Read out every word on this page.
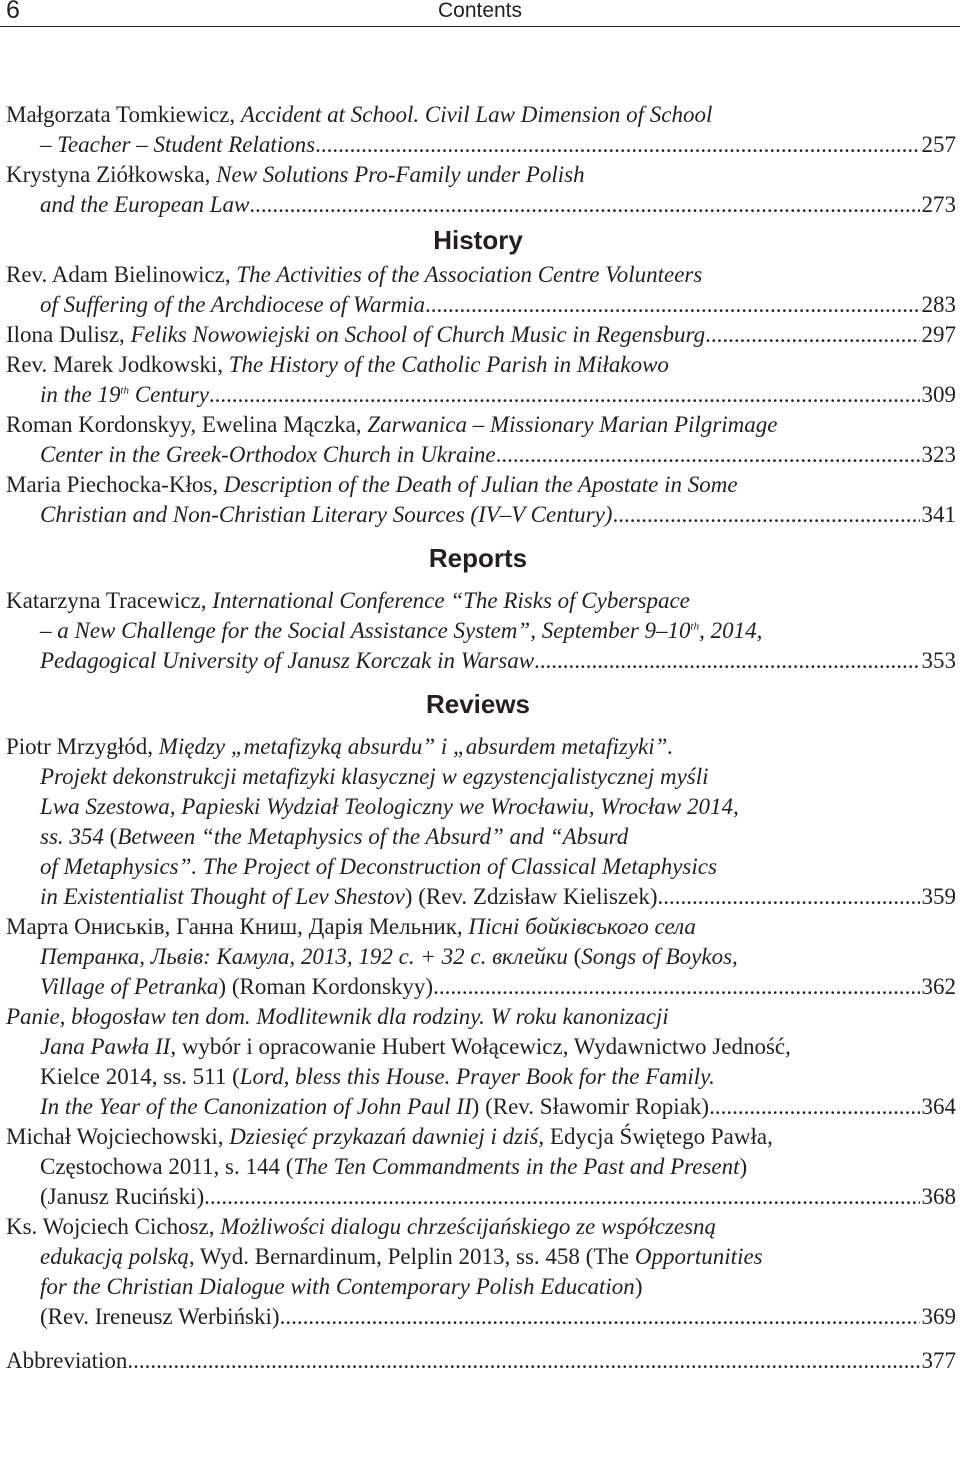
6	Contents
Małgorzata Tomkiewicz, Accident at School. Civil Law Dimension of School
– Teacher – Student Relations .....	257
Krystyna Ziółkowska, New Solutions Pro-Family under Polish
and the European Law .....	273
History
Rev. Adam Bielinowicz, The Activities of the Association Centre Volunteers
of Suffering of the Archdiocese of Warmia .....	283
Ilona Dulisz, Feliks Nowowiejski on School of Church Music in Regensburg .....	297
Rev. Marek Jodkowski, The History of the Catholic Parish in Miłakowo
in the 19th Century .....	309
Roman Kordonskyy, Ewelina Mączka, Zarwanica – Missionary Marian Pilgrimage
Center in the Greek-Orthodox Church in Ukraine .....	323
Maria Piechocka-Kłos, Description of the Death of Julian the Apostate in Some
Christian and Non-Christian Literary Sources (IV–V Century) .....	341
Reports
Katarzyna Tracewicz, International Conference “The Risks of Cyberspace
– a New Challenge for the Social Assistance System”, September 9–10th, 2014,
Pedagogical University of Janusz Korczak in Warsaw .....	353
Reviews
Piotr Mrzygłód, Między „metafizyką absurdu” i „absurdem metafizyki”.
Projekt dekonstrukcji metafizyki klasycznej w egzystencjalistycznej myśli
Lwa Szestowa, Papieski Wydział Teologiczny we Wrocławiu, Wrocław 2014,
ss. 354 (Between “the Metaphysics of the Absurd” and “Absurd
of Metaphysics”. The Project of Deconstruction of Classical Metaphysics
in Existentialist Thought of Lev Shestov) (Rev. Zdzisław Kieliszek) .....	359
Марта Ониськів, Ганна Книш, Дарія Мельник, Пісні бойківського села
Петранка, Львів: Камула, 2013, 192 с. + 32 с. вклейки (Songs of Boykos,
Village of Petranka) (Roman Kordonskyy) .....	362
Panie, błogosław ten dom. Modlitewnik dla rodziny. W roku kanonizacji
Jana Pawła II, wybór i opracowanie Hubert Wołącewicz, Wydawnictwo Jedność,
Kielce 2014, ss. 511 (Lord, bless this House. Prayer Book for the Family.
In the Year of the Canonization of John Paul II) (Rev. Sławomir Ropiak) .....	364
Michał Wojciechowski, Dziesięć przykazań dawniej i dziś, Edycja Świętego Pawła,
Częstochowa 2011, s. 144 (The Ten Commandments in the Past and Present)
(Janusz Ruciński) .....	368
Ks. Wojciech Cichosz, Możliwości dialogu chrześcijańskiego ze współczesną
edukacją polską, Wyd. Bernardinum, Pelplin 2013, ss. 458 (The Opportunities
for the Christian Dialogue with Contemporary Polish Education)
(Rev. Ireneusz Werbiński) .....	369
Abbreviation .....	377
